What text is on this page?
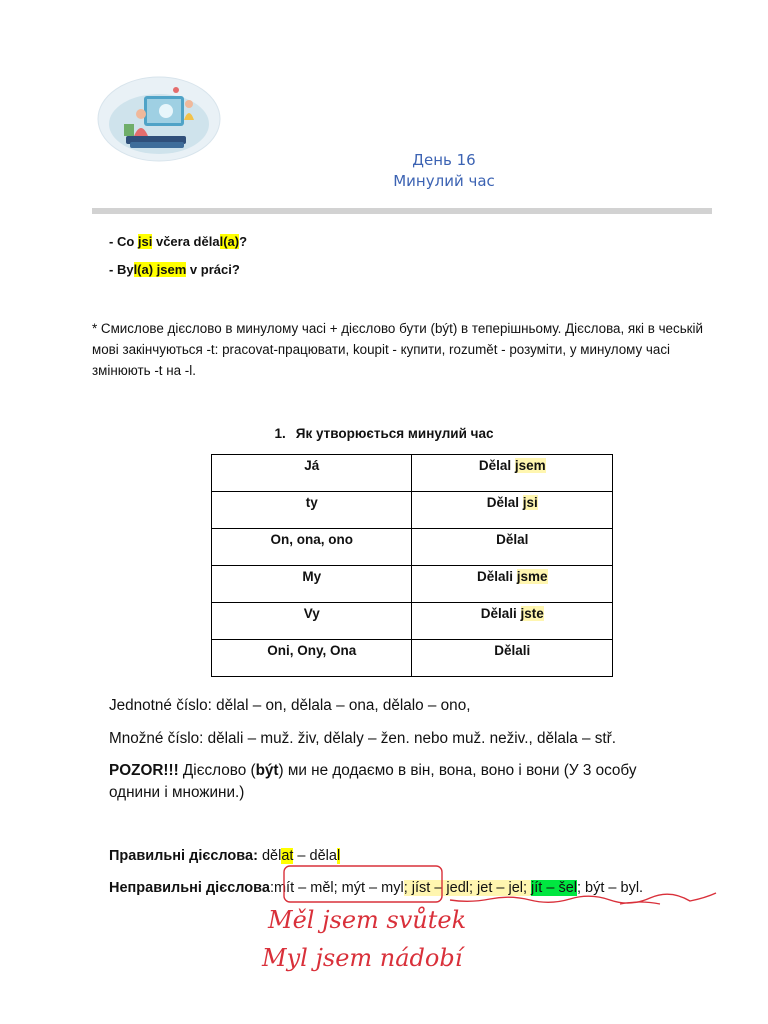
День 16
Минулий час
- Co jsi včera dělal(a)?
- Byl(a) jsem v práci?
* Смислове дієслово в минулому часі + дієслово бути (být) в теперішньому. Дієслова, які в чеській мові закінчуються -t: pracovat-працювати, koupit - купити, rozumět - розуміти, у минулому часі змінюють -t на -l.
1. Як утворюється минулий час
Já	Dělal jsem
ty	Dělal jsi
On, ona, ono	Dělal
My	Dělali jsme
Vy	Dělali jste
Oni, Ony, Ona	Dělali
Jednotné číslo: dělal – on, dělala – ona, dělalo – ono,
Množné číslo: dělali – muž. živ, dělaly – žen. nebo muž. neživ., dělala – stř.
POZOR!!! Дієслово (být) ми не додаємо в він, вона, воно і вони (У 3 особу однини і множини.)
Правильні дієслова: dělat – dělal
Неправильні дієслова:mít – měl; mýt – myl; jíst – jedl; jet – jel; jít – šel; být – byl.
Měl jsem svůtek
Myl jsem nádobí
